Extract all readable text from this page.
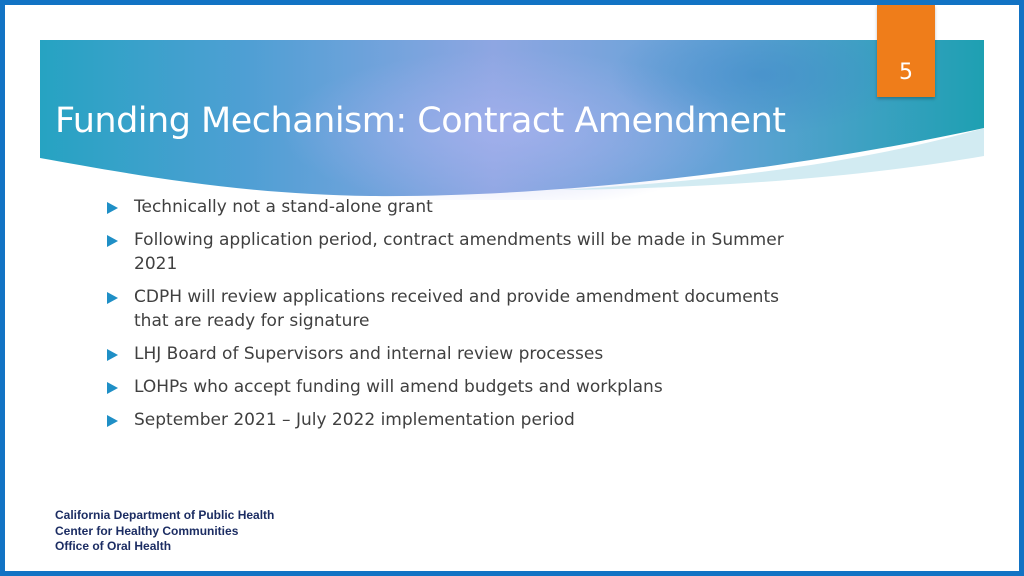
Funding Mechanism: Contract Amendment
5
Technically not a stand-alone grant
Following application period, contract amendments will be made in Summer 2021
CDPH will review applications received and provide amendment documents that are ready for signature
LHJ Board of Supervisors and internal review processes
LOHPs who accept funding will amend budgets and workplans
September 2021 – July 2022 implementation period
California Department of Public Health
Center for Healthy Communities
Office of Oral Health
